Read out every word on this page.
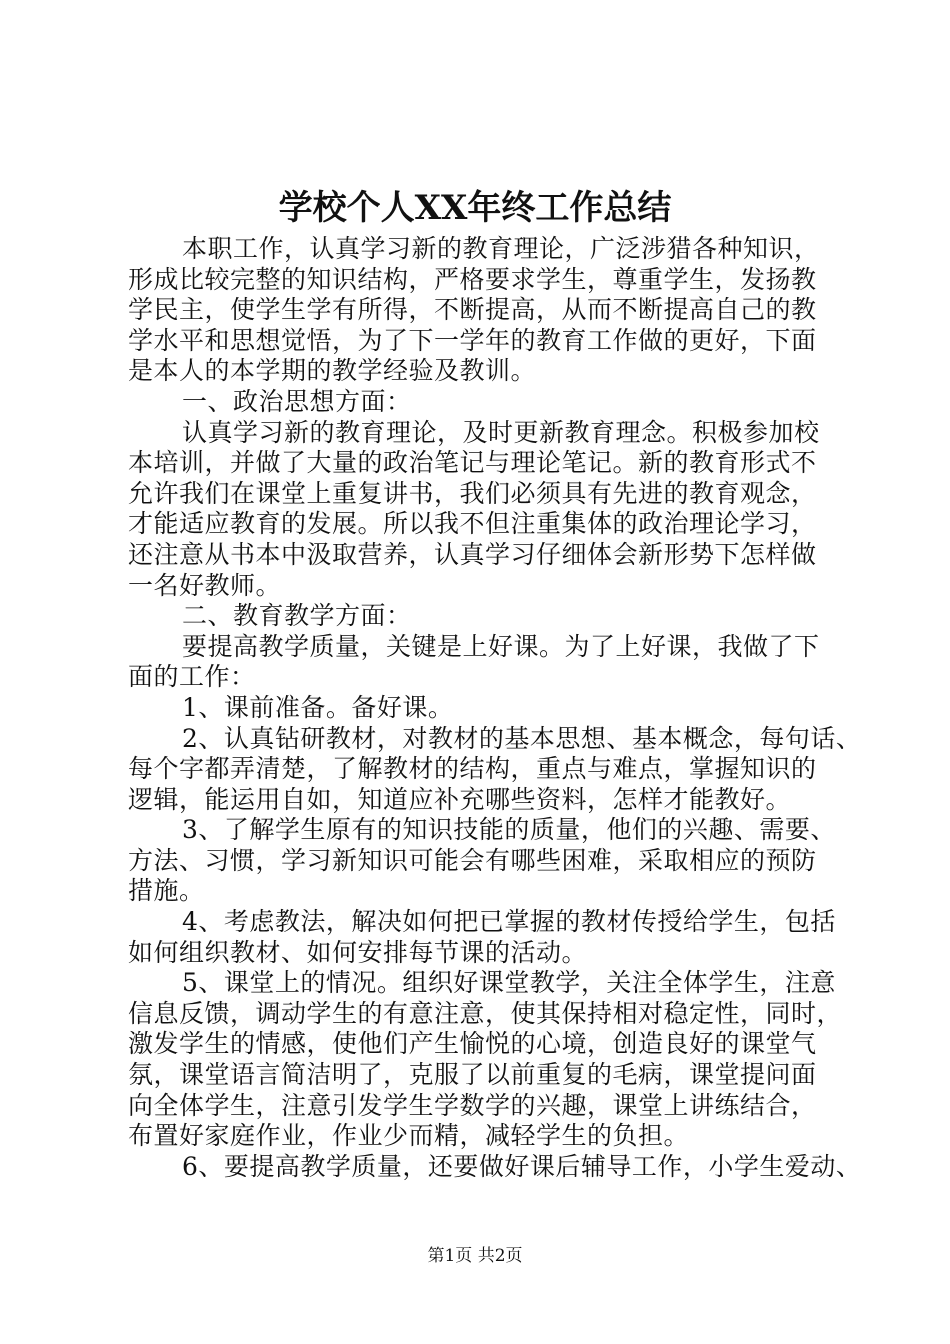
学校个人XX年终工作总结
本职工作，认真学习新的教育理论，广泛涉猎各种知识，
形成比较完整的知识结构，严格要求学生，尊重学生，发扬教
学民主，使学生学有所得，不断提高，从而不断提高自己的教
学水平和思想觉悟，为了下一学年的教育工作做的更好，下面
是本人的本学期的教学经验及教训。
一、政治思想方面：
认真学习新的教育理论，及时更新教育理念。积极参加校
本培训，并做了大量的政治笔记与理论笔记。新的教育形式不
允许我们在课堂上重复讲书，我们必须具有先进的教育观念，
才能适应教育的发展。所以我不但注重集体的政治理论学习，
还注意从书本中汲取营养，认真学习仔细体会新形势下怎样做
一名好教师。
二、教育教学方面：
要提高教学质量，关键是上好课。为了上好课，我做了下
面的工作：
1、课前准备。备好课。
2、认真钻研教材，对教材的基本思想、基本概念，每句话、
每个字都弄清楚，了解教材的结构，重点与难点，掌握知识的
逻辑，能运用自如，知道应补充哪些资料，怎样才能教好。
3、了解学生原有的知识技能的质量，他们的兴趣、需要、
方法、习惯，学习新知识可能会有哪些困难，采取相应的预防
措施。
4、考虑教法，解决如何把已掌握的教材传授给学生，包括
如何组织教材、如何安排每节课的活动。
5、课堂上的情况。组织好课堂教学，关注全体学生，注意
信息反馈，调动学生的有意注意，使其保持相对稳定性，同时，
激发学生的情感，使他们产生愉悦的心境，创造良好的课堂气
氛，课堂语言简洁明了，克服了以前重复的毛病，课堂提问面
向全体学生，注意引发学生学数学的兴趣，课堂上讲练结合，
布置好家庭作业，作业少而精，减轻学生的负担。
6、要提高教学质量，还要做好课后辅导工作，小学生爱动、
第1页 共2页
